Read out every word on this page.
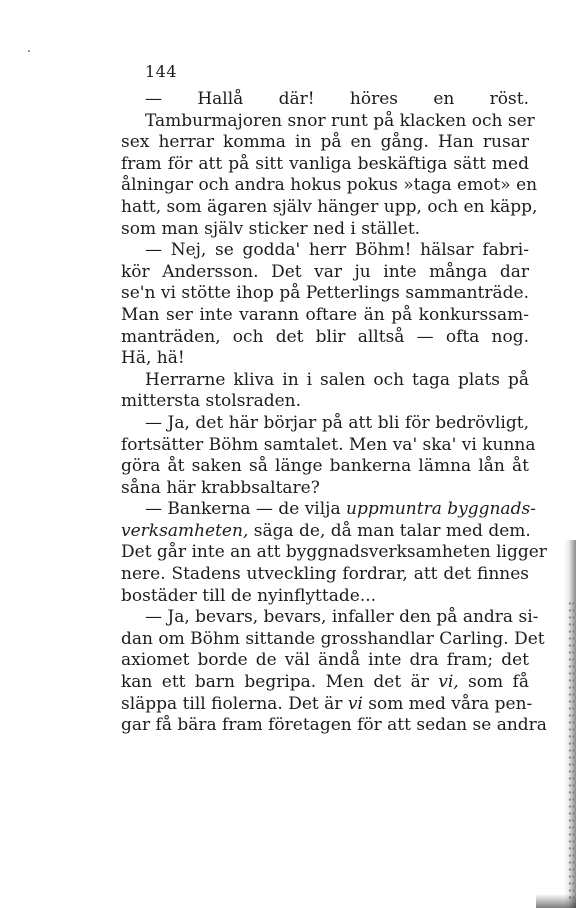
144
— Hallå där! höres en röst.
Tamburmajoren snor runt på klacken och ser
sex herrar komma in på en gång. Han rusar
fram för att på sitt vanliga beskäftiga sätt med
ålningar och andra hokus pokus »taga emot» en
hatt, som ägaren själv hänger upp, och en käpp,
som man själv sticker ned i stället.
— Nej, se godda' herr Böhm! hälsar fabri-
kör Andersson. Det var ju inte många dar
se'n vi stötte ihop på Petterlings sammanträde.
Man ser inte varann oftare än på konkurssam-
manträden, och det blir alltså — ofta nog.
Hä, hä!
Herrarne kliva in i salen och taga plats på
mittersta stolsraden.
— Ja, det här börjar på att bli för bedrövligt,
fortsätter Böhm samtalet. Men va' ska' vi kunna
göra åt saken så länge bankerna lämna lån åt
såna här krabbsaltare?
— Bankerna — de vilja uppmuntra byggnads-
verksamheten, säga de, då man talar med dem.
Det går inte an att byggnadsverksamheten ligger
nere. Stadens utveckling fordrar, att det finnes
bostäder till de nyinflyttade...
— Ja, bevars, bevars, infaller den på andra si-
dan om Böhm sittande grosshandlar Carling. Det
axiomet borde de väl ändå inte dra fram; det
kan ett barn begripa. Men det är vi, som få
släppa till fiolerna. Det är vi som med våra pen-
gar få bära fram företagen för att sedan se andra
